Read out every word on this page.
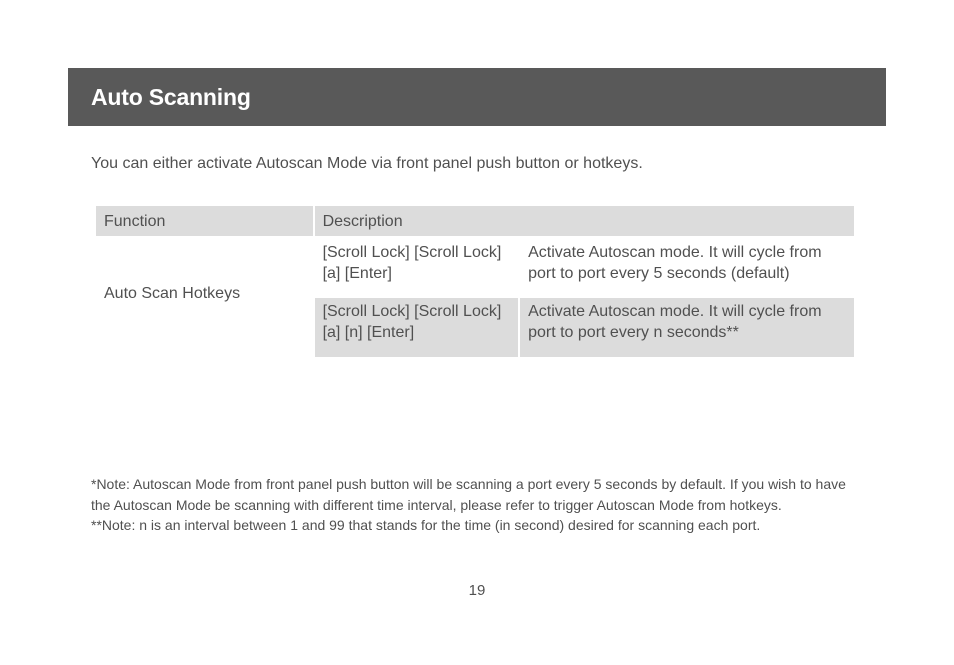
Auto Scanning

You can either activate Autoscan Mode via front panel push button or hotkeys.

Function	Description	
Auto Scan Hotkeys	[Scroll Lock] [Scroll Lock] [a] [Enter]	Activate Autoscan mode. It will cycle from port to port every 5 seconds (default)
	[Scroll Lock] [Scroll Lock] [a] [n] [Enter]	Activate Autoscan mode. It will cycle from port to port every n seconds**

*Note: Autoscan Mode from front panel push button will be scanning a port every 5 seconds by default. If you wish to have the Autoscan Mode be scanning with different time interval, please refer to trigger Autoscan Mode from hotkeys.

**Note: n is an interval between 1 and 99 that stands for the time (in second) desired for scanning each port.

19
